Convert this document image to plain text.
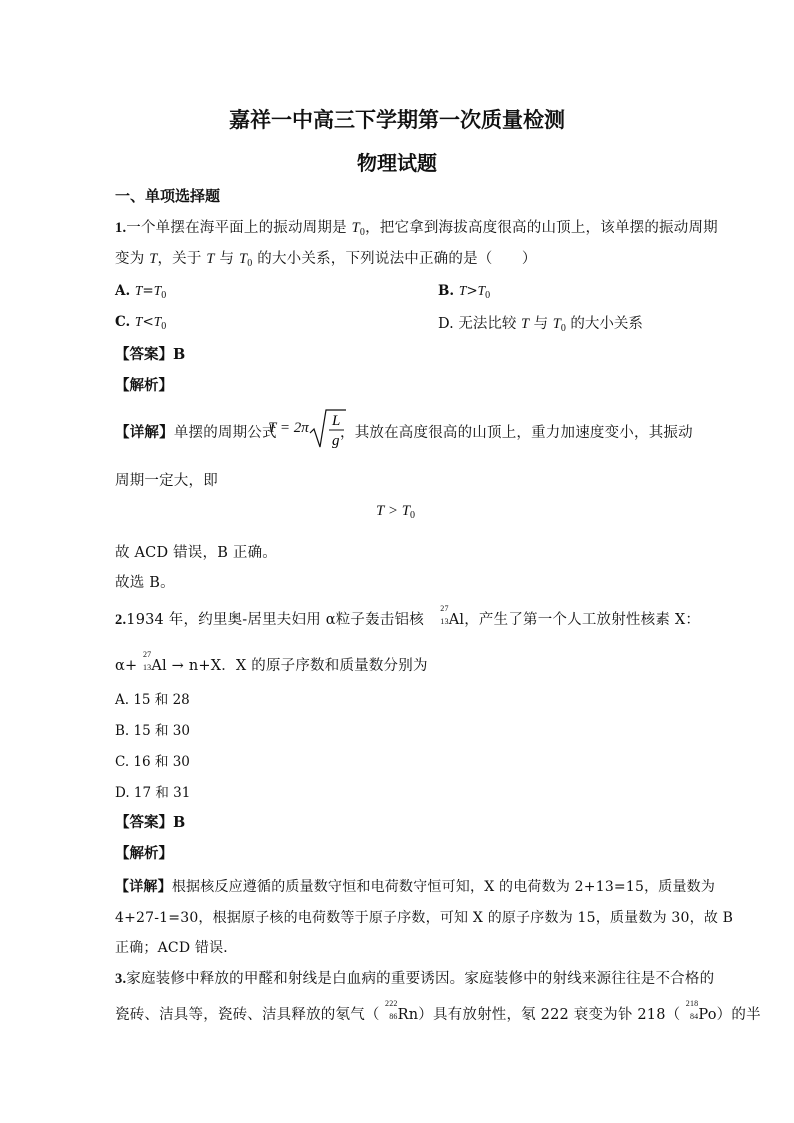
嘉祥一中高三下学期第一次质量检测
物理试题
一、单项选择题
1.一个单摆在海平面上的振动周期是 $T_0$，把它拿到海拔高度很高的山顶上，该单摆的振动周期
变为 T，关于 T 与 $T_0$ 的大小关系，下列说法中正确的是（　　）
A. $T=T_0$	B. $T>T_0$
C. $T<T_0$	D. 无法比较 T 与 $T_0$ 的大小关系
【答案】B
【解析】
【详解】单摆的周期公式
T = 2π L
g ，其放在高度很高的山顶上，重力加速度变小，其振动
周期一定大，即
$T > T_0$
故 ACD 错误，B 正确。
故选 B。
2.1934 年，约里奥-居里夫妇用 α粒子轰击铝核
27
13 Al，产生了第一个人工放射性核素 X：
α+
27
13 Al → n+X．X 的原子序数和质量数分别为
A. 15 和 28
B. 15 和 30
C. 16 和 30
D. 17 和 31
【答案】B
【解析】
【详解】根据核反应遵循的质量数守恒和电荷数守恒可知，X 的电荷数为 2+13=15，质量数为
4+27-1=30，根据原子核的电荷数等于原子序数，可知 X 的原子序数为 15，质量数为 30，故 B
正确；ACD 错误．
3.家庭装修中释放的甲醛和射线是白血病的重要诱因。家庭装修中的射线来源往往是不合格的
瓷砖、洁具等，瓷砖、洁具释放的氡气（
222
86 Rn）具有放射性，氡 222 衰变为钋 218（
218
84 Po）的半
